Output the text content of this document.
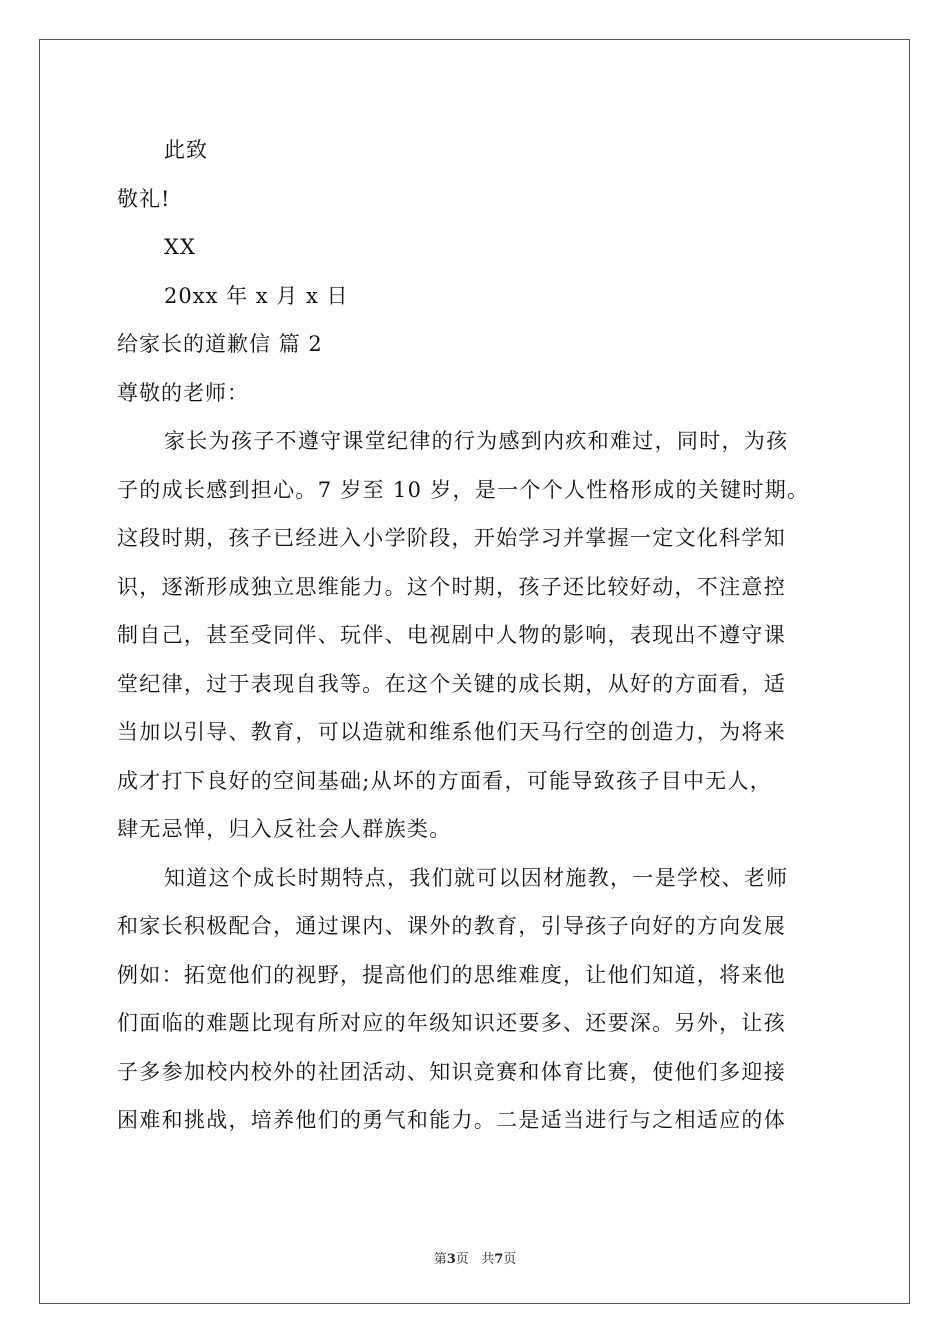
此致
敬礼!
XX
20xx 年 x 月 x 日
给家长的道歉信 篇 2
尊敬的老师：
家长为孩子不遵守课堂纪律的行为感到内疚和难过，同时，为孩
子的成长感到担心。7 岁至 10 岁，是一个个人性格形成的关键时期。
这段时期，孩子已经进入小学阶段，开始学习并掌握一定文化科学知
识，逐渐形成独立思维能力。这个时期，孩子还比较好动，不注意控
制自己，甚至受同伴、玩伴、电视剧中人物的影响，表现出不遵守课
堂纪律，过于表现自我等。在这个关键的成长期，从好的方面看，适
当加以引导、教育，可以造就和维系他们天马行空的创造力，为将来
成才打下良好的空间基础;从坏的方面看，可能导致孩子目中无人，
肆无忌惮，归入反社会人群族类。
知道这个成长时期特点，我们就可以因材施教，一是学校、老师
和家长积极配合，通过课内、课外的教育，引导孩子向好的方向发展
例如：拓宽他们的视野，提高他们的思维难度，让他们知道，将来他
们面临的难题比现有所对应的年级知识还要多、还要深。另外，让孩
子多参加校内校外的社团活动、知识竞赛和体育比赛，使他们多迎接
困难和挑战，培养他们的勇气和能力。二是适当进行与之相适应的体
第3页   共7页
